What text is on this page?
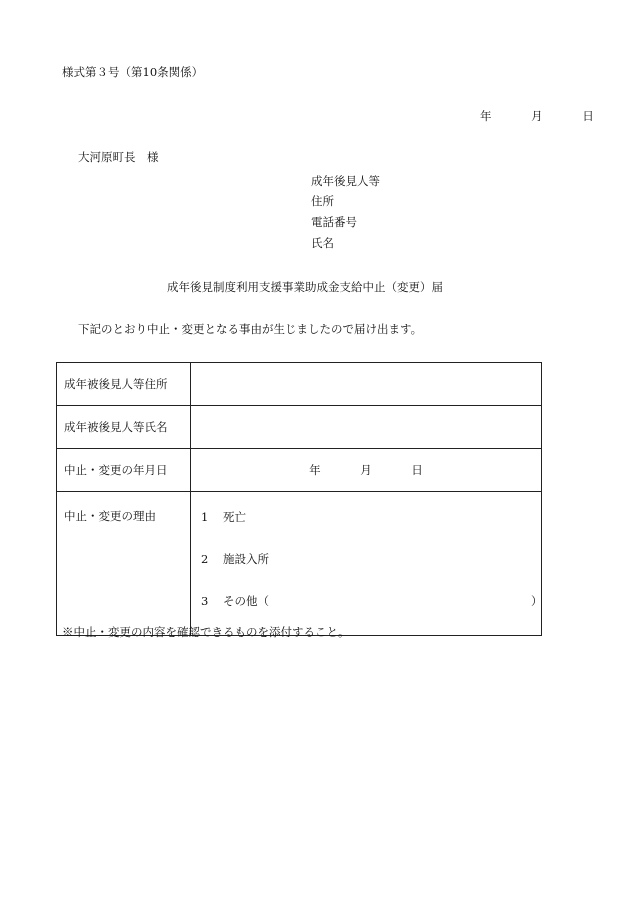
様式第３号（第10条関係）
年	月	日
大河原町長　様
成年後見人等
住所
電話番号
氏名
成年後見制度利用支援事業助成金支給中止（変更）届
下記のとおり中止・変更となる事由が生じましたので届け出ます。
成年被後見人等住所	
成年被後見人等氏名	
中止・変更の年月日	年 月 日
中止・変更の理由	1 死亡
2 施設入所
3 その他（ ）
※中止・変更の内容を確認できるものを添付すること。
